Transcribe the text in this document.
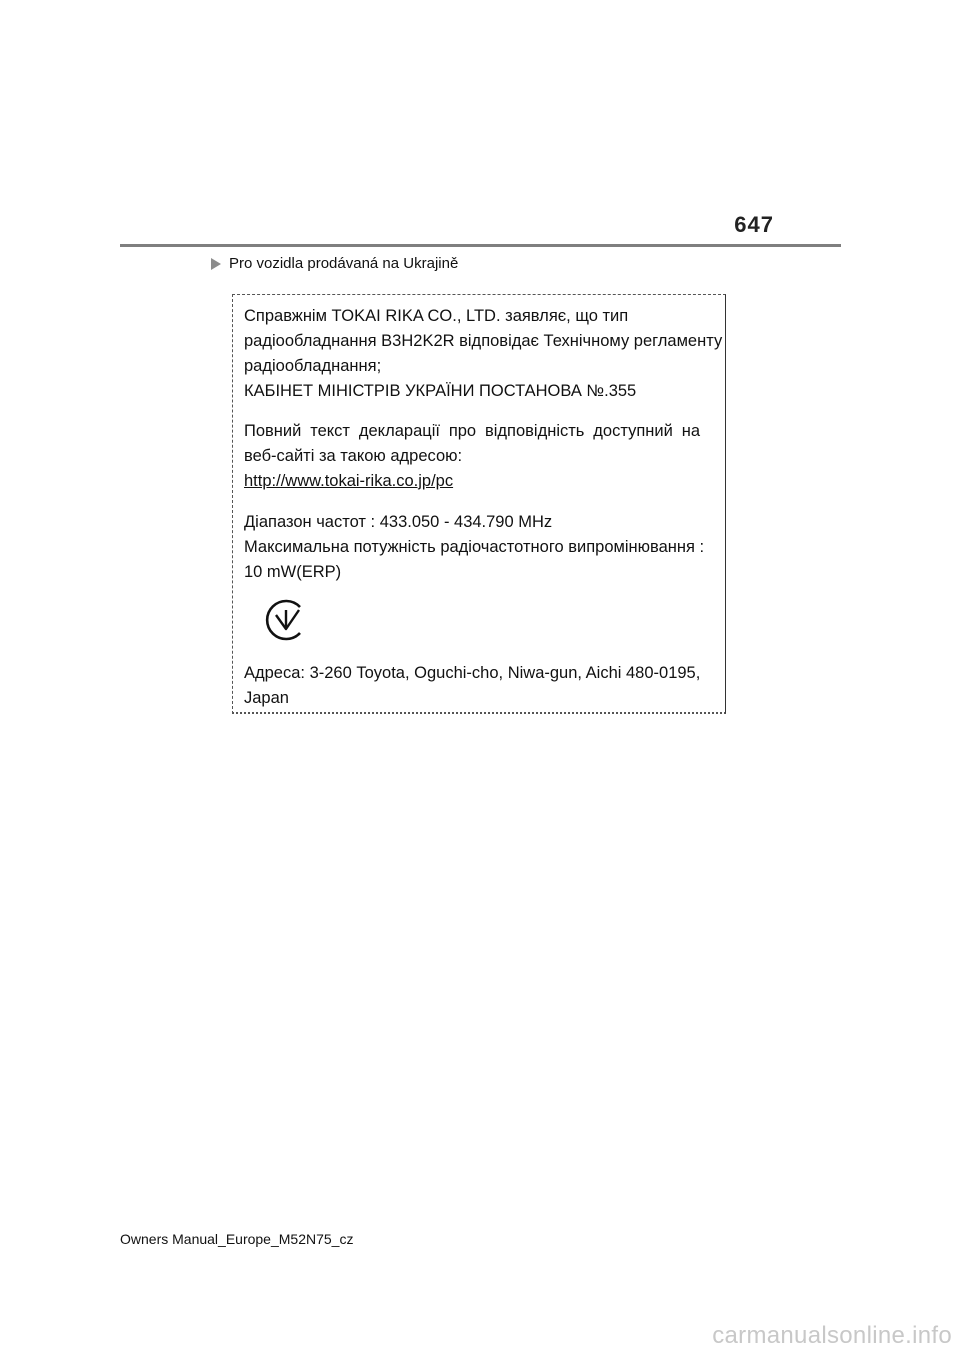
647
Pro vozidla prodávaná na Ukrajině
Справжнім TOKAI RIKA CO., LTD. заявляє, що тип
радіообладнання B3H2K2R відповідає Технічному регламенту
радіообладнання;
КАБІНЕТ МІНІСТРІВ УКРАЇНИ ПОСТАНОВА №.355
Повний текст декларації про відповідність доступний на
веб-сайті за такою адресою:
http://www.tokai-rika.co.jp/pc
Діапазон частот : 433.050 - 434.790 MHz
Максимальна потужність радіочастотного випромінювання :
10 mW(ERP)
Адреса: 3-260 Toyota, Oguchi-cho, Niwa-gun, Aichi 480-0195,
Japan
Owners Manual_Europe_M52N75_cz
carmanualsonline.info
